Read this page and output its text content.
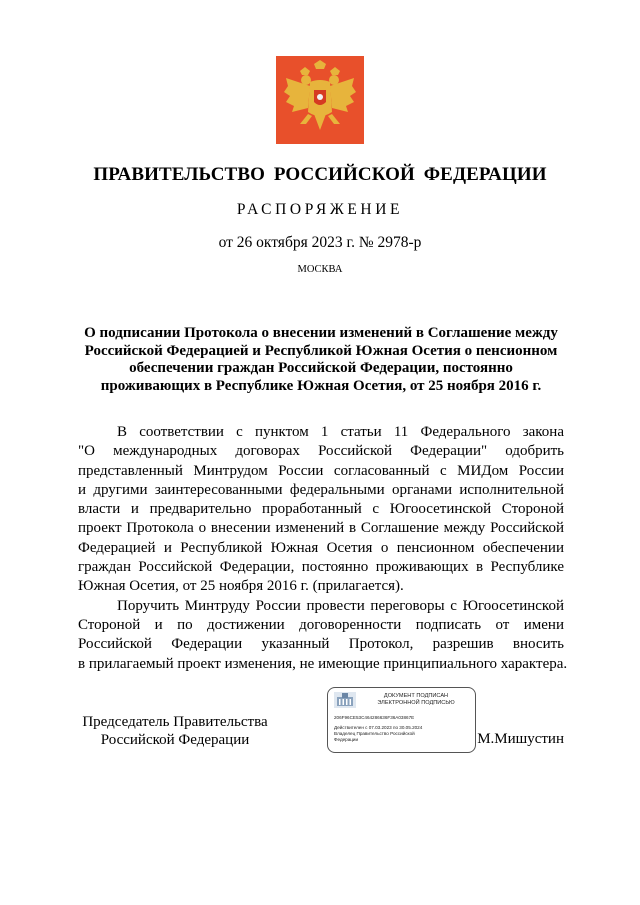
ПРАВИТЕЛЬСТВО РОССИЙСКОЙ ФЕДЕРАЦИИ
РАСПОРЯЖЕНИЕ
от 26 октября 2023 г. № 2978-р
МОСКВА
О подписании Протокола о внесении изменений в Соглашение между
Российской Федерацией и Республикой Южная Осетия о пенсионном
обеспечении граждан Российской Федерации, постоянно
проживающих в Республике Южная Осетия, от 25 ноября 2016 г.
В соответствии с пунктом 1 статьи 11 Федерального закона
"О международных договорах Российской Федерации" одобрить
представленный Минтрудом России согласованный с МИДом России
и другими заинтересованными федеральными органами исполнительной
власти и предварительно проработанный с Югоосетинской Стороной
проект Протокола о внесении изменений в Соглашение между Российской
Федерацией и Республикой Южная Осетия о пенсионном обеспечении
граждан Российской Федерации, постоянно проживающих в Республике
Южная Осетия, от 25 ноября 2016 г. (прилагается).
Поручить Минтруду России провести переговоры с Югоосетинской
Стороной и по достижении договоренности подписать от имени
Российской Федерации указанный Протокол, разрешив вносить
в прилагаемый проект изменения, не имеющие принципиального характера.
Председатель Правительства
Российской Федерации	М.Мишустин
ДОКУМЕНТ ПОДПИСАН
ЭЛЕКТРОННОЙ ПОДПИСЬЮ
206F96CE53C464286636F36A03867E
Действителен с 07.03.2023 по 30.05.2024
Владелец Правительство Российской
Федерации
